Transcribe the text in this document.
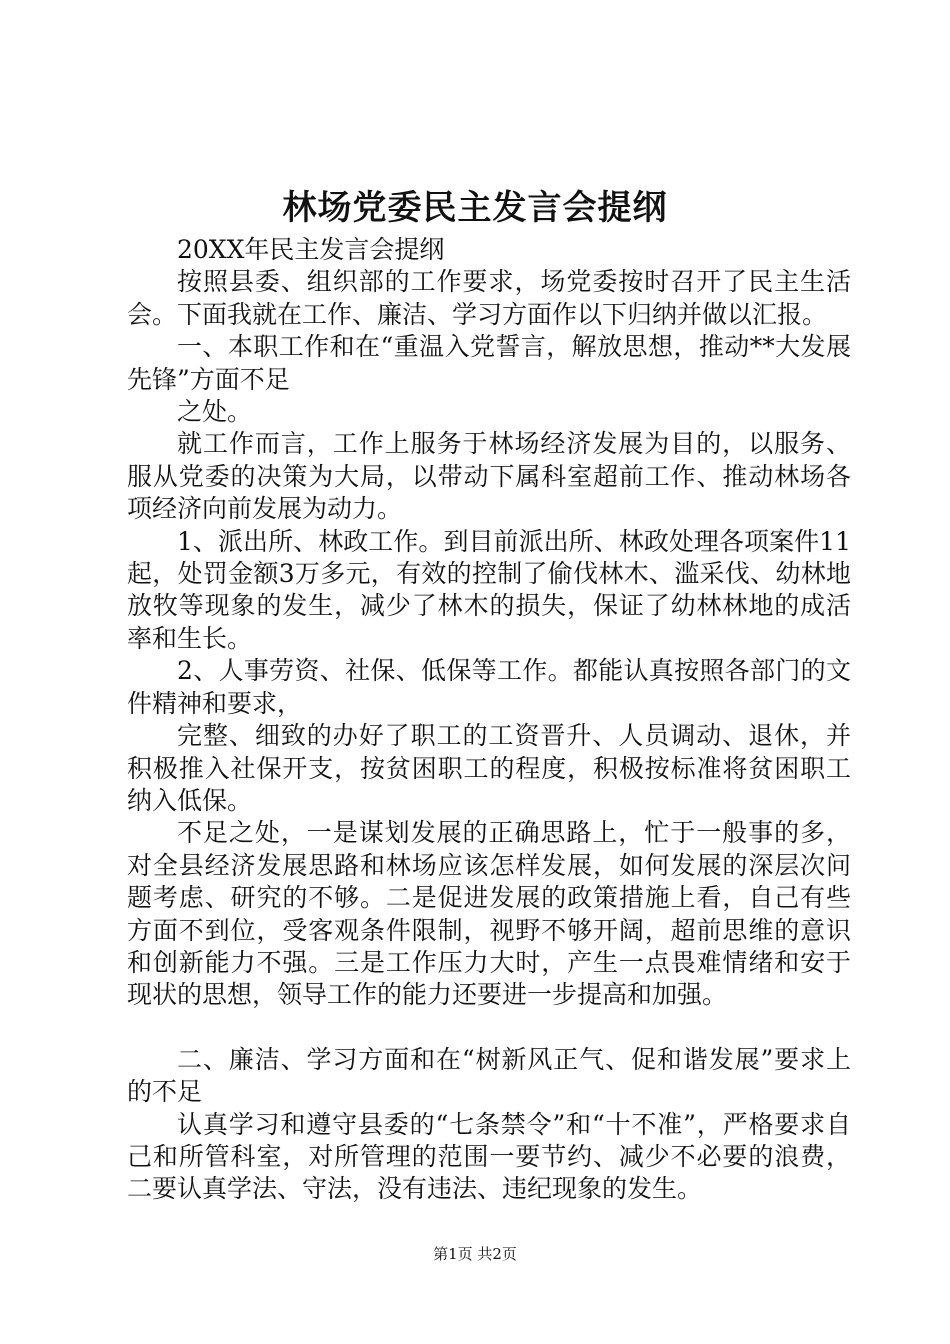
林场党委民主发言会提纲

20XX年民主发言会提纲

按照县委、组织部的工作要求，场党委按时召开了民主生活会。下面我就在工作、廉洁、学习方面作以下归纳并做以汇报。

一、本职工作和在“重温入党誓言，解放思想，推动**大发展先锋”方面不足

之处。

就工作而言，工作上服务于林场经济发展为目的，以服务、服从党委的决策为大局，以带动下属科室超前工作、推动林场各项经济向前发展为动力。

1、派出所、林政工作。到目前派出所、林政处理各项案件11起，处罚金额3万多元，有效的控制了偷伐林木、滥采伐、幼林地放牧等现象的发生，减少了林木的损失，保证了幼林林地的成活率和生长。

2、人事劳资、社保、低保等工作。都能认真按照各部门的文件精神和要求，

完整、细致的办好了职工的工资晋升、人员调动、退休，并积极推入社保开支，按贫困职工的程度，积极按标准将贫困职工纳入低保。

不足之处，一是谋划发展的正确思路上，忙于一般事的多，对全县经济发展思路和林场应该怎样发展，如何发展的深层次问题考虑、研究的不够。二是促进发展的政策措施上看，自己有些方面不到位，受客观条件限制，视野不够开阔，超前思维的意识和创新能力不强。三是工作压力大时，产生一点畏难情绪和安于现状的思想，领导工作的能力还要进一步提高和加强。

二、廉洁、学习方面和在“树新风正气、促和谐发展”要求上的不足

认真学习和遵守县委的“七条禁令”和“十不准”，严格要求自己和所管科室，对所管理的范围一要节约、减少不必要的浪费，二要认真学法、守法，没有违法、违纪现象的发生。

第1页 共2页
